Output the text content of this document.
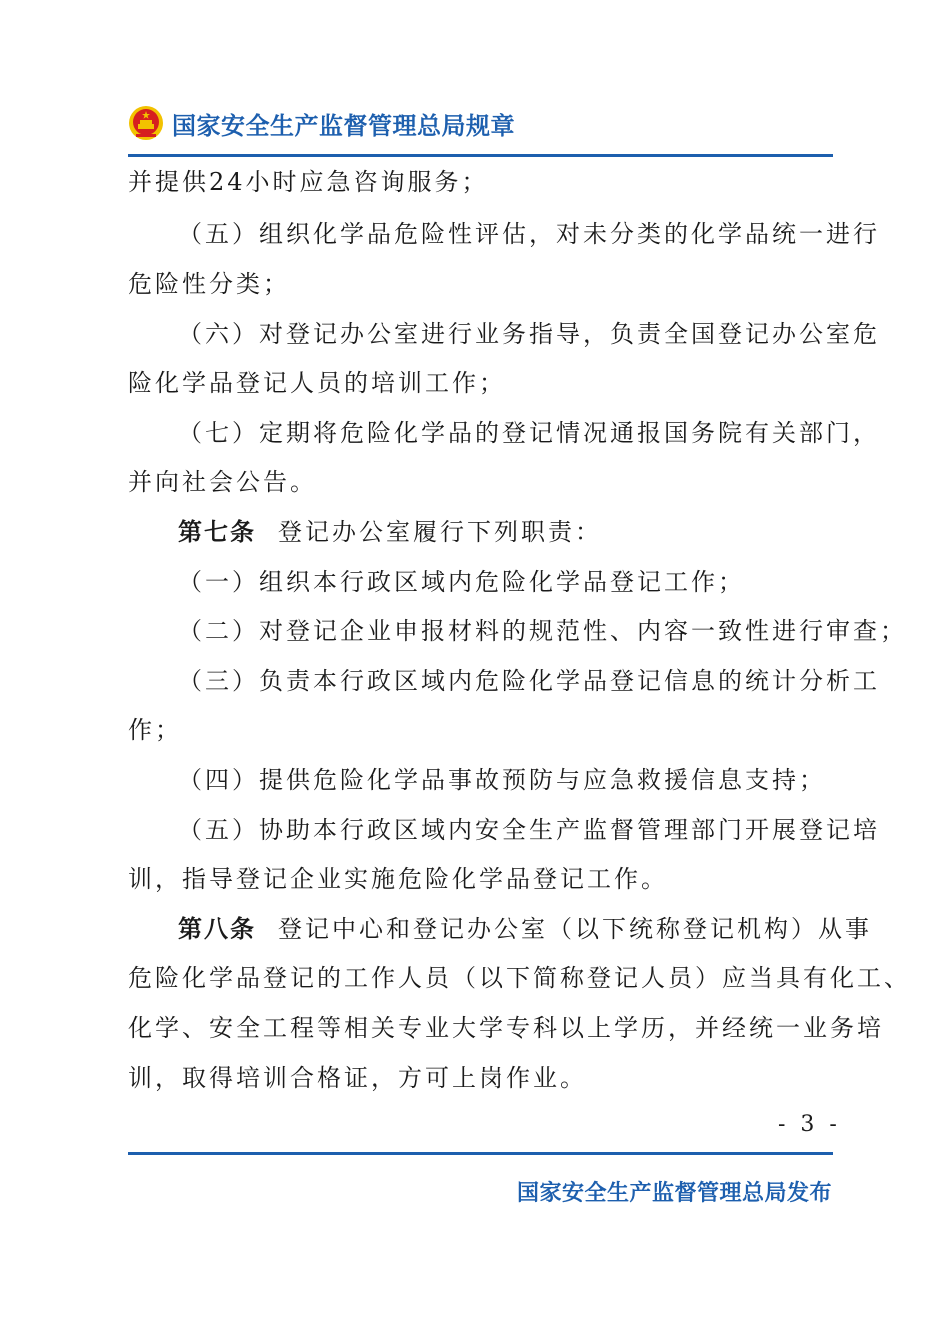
国家安全生产监督管理总局规章
并提供24小时应急咨询服务；
（五）组织化学品危险性评估，对未分类的化学品统一进行
危险性分类；
（六）对登记办公室进行业务指导，负责全国登记办公室危
险化学品登记人员的培训工作；
（七）定期将危险化学品的登记情况通报国务院有关部门，
并向社会公告。
第七条 登记办公室履行下列职责：
（一）组织本行政区域内危险化学品登记工作；
（二）对登记企业申报材料的规范性、内容一致性进行审查；
（三）负责本行政区域内危险化学品登记信息的统计分析工
作；
（四）提供危险化学品事故预防与应急救援信息支持；
（五）协助本行政区域内安全生产监督管理部门开展登记培
训，指导登记企业实施危险化学品登记工作。
第八条 登记中心和登记办公室（以下统称登记机构）从事
危险化学品登记的工作人员（以下简称登记人员）应当具有化工、
化学、安全工程等相关专业大学专科以上学历，并经统一业务培
训，取得培训合格证，方可上岗作业。
- 3 -
国家安全生产监督管理总局发布
